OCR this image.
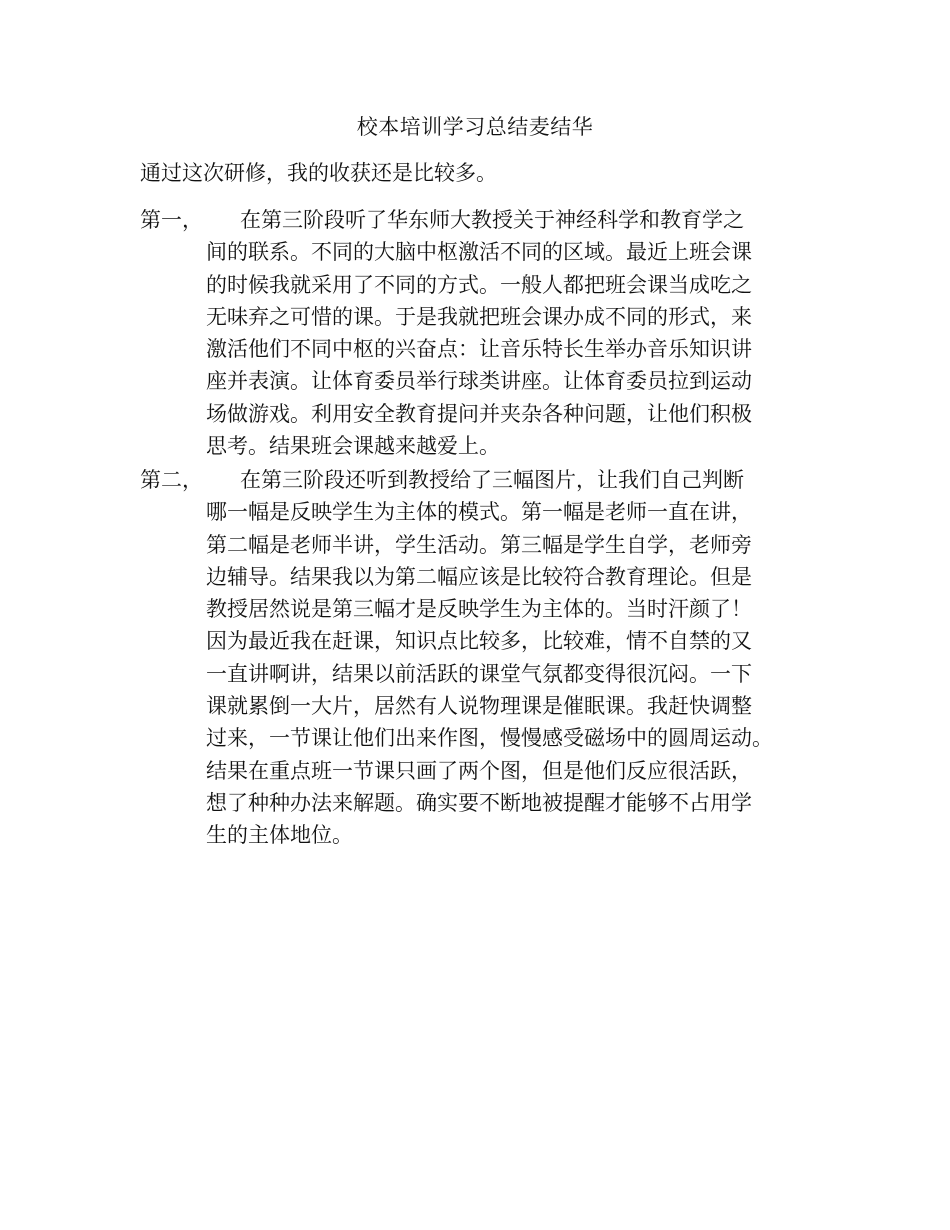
校本培训学习总结麦结华
通过这次研修，我的收获还是比较多。
第一，	在第三阶段听了华东师大教授关于神经科学和教育学之
间的联系。不同的大脑中枢激活不同的区域。最近上班会课
的时候我就采用了不同的方式。一般人都把班会课当成吃之
无味弃之可惜的课。于是我就把班会课办成不同的形式，来
激活他们不同中枢的兴奋点：让音乐特长生举办音乐知识讲
座并表演。让体育委员举行球类讲座。让体育委员拉到运动
场做游戏。利用安全教育提问并夹杂各种问题，让他们积极
思考。结果班会课越来越爱上。
第二，	在第三阶段还听到教授给了三幅图片，让我们自己判断
哪一幅是反映学生为主体的模式。第一幅是老师一直在讲，
第二幅是老师半讲，学生活动。第三幅是学生自学，老师旁
边辅导。结果我以为第二幅应该是比较符合教育理论。但是
教授居然说是第三幅才是反映学生为主体的。当时汗颜了！
因为最近我在赶课，知识点比较多，比较难，情不自禁的又
一直讲啊讲，结果以前活跃的课堂气氛都变得很沉闷。一下
课就累倒一大片，居然有人说物理课是催眠课。我赶快调整
过来，一节课让他们出来作图，慢慢感受磁场中的圆周运动。
结果在重点班一节课只画了两个图，但是他们反应很活跃，
想了种种办法来解题。确实要不断地被提醒才能够不占用学
生的主体地位。
